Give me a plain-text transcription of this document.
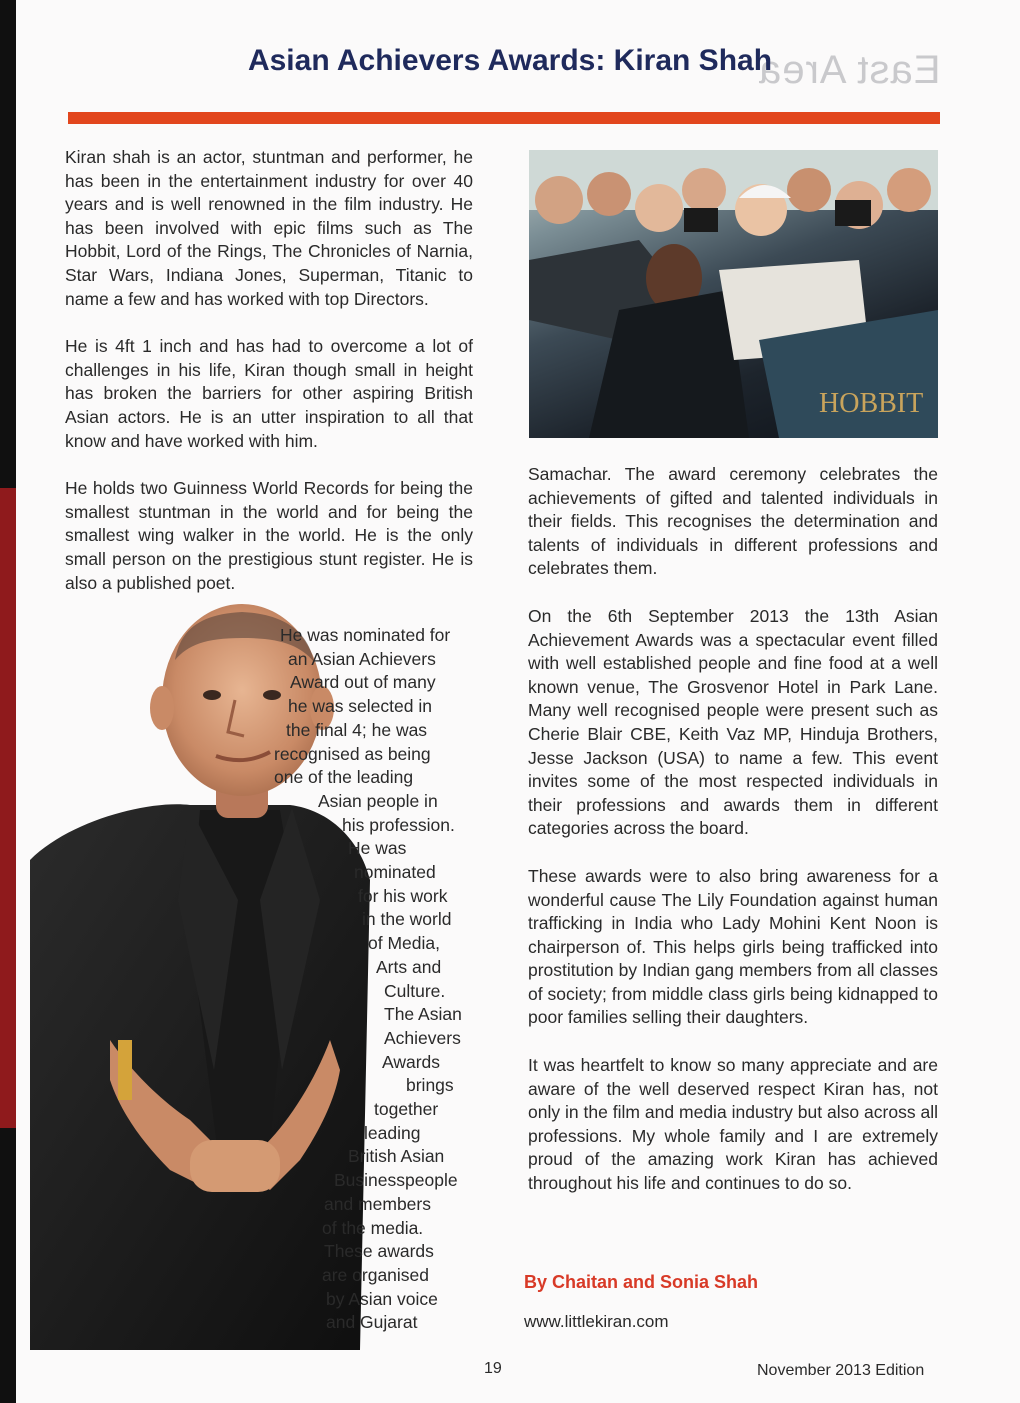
East Area
Asian Achievers Awards: Kiran Shah

Kiran shah is an actor, stuntman and performer, he has been in the entertainment industry for over 40 years and is well renowned in the film industry. He has been involved with epic films such as The Hobbit, Lord of the Rings, The Chronicles of Narnia, Star Wars, Indiana Jones, Superman, Titanic to name a few and has worked with top Directors.

He is 4ft 1 inch and has had to overcome a lot of challenges in his life, Kiran though small in height has broken the barriers for other aspiring British Asian actors. He is an utter inspiration to all that know and have worked with him.

He holds two Guinness World Records for being the smallest stuntman in the world and for being the smallest wing walker in the world. He is the only small person on the prestigious stunt register. He is also a published poet.

He was nominated for
an Asian Achievers
Award out of many
he was selected in
the final 4; he was
recognised as being
one of the leading
Asian people in
his profession.
He was
nominated
for his work
in the world
of Media,
Arts and
Culture.
The Asian
Achievers
Awards
brings
together
leading
British Asian
Businesspeople
and members
of the media.
These awards
are organised
by Asian voice
and Gujarat
HOBBIT

Samachar. The award ceremony celebrates the achievements of gifted and talented individuals in their fields. This recognises the determination and talents of individuals in different professions and celebrates them.

On the 6th September 2013 the 13th Asian Achievement Awards was a spectacular event filled with well established people and fine food at a well known venue, The Grosvenor Hotel in Park Lane. Many well recognised people were present such as Cherie Blair CBE, Keith Vaz MP, Hinduja Brothers, Jesse Jackson (USA) to name a few. This event invites some of the most respected individuals in their professions and awards them in different categories across the board.

These awards were to also bring awareness for a wonderful cause The Lily Foundation against human trafficking in India who Lady Mohini Kent Noon is chairperson of. This helps girls being trafficked into prostitution by Indian gang members from all classes of society; from middle class girls being kidnapped to poor families selling their daughters.

It was heartfelt to know so many appreciate and are aware of the well deserved respect Kiran has, not only in the film and media industry but also across all professions. My whole family and I are extremely proud of the amazing work Kiran has achieved throughout his life and continues to do so.

By Chaitan and Sonia Shah
www.littlekiran.com
19	November 2013 Edition
